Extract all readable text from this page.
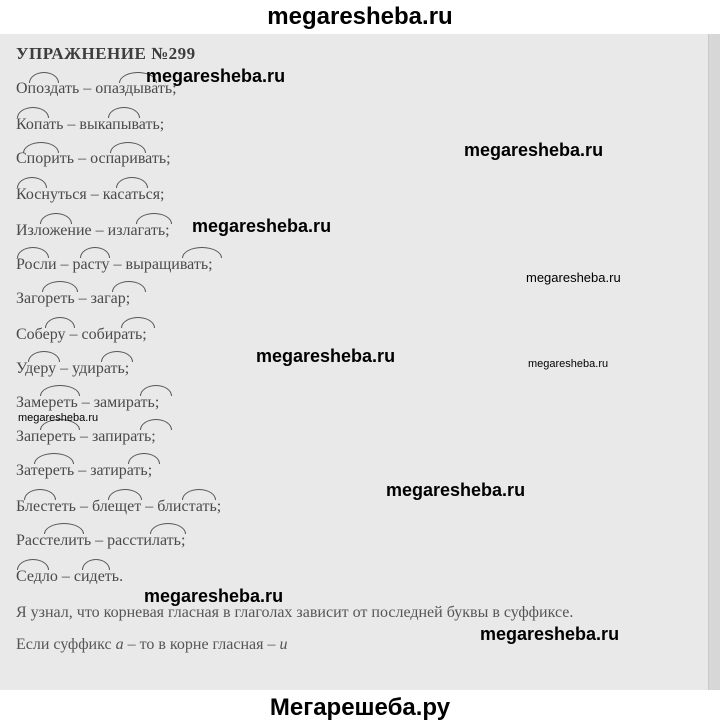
megaresheba.ru
УПРАЖНЕНИЕ №299
Опоздать – опаздывать;
Копать – выкапывать;
Спорить – оспаривать;
Коснуться – касаться;
Изложение – излагать;
Росли – расту – выращивать;
Загореть – загар;
Соберу – собирать;
Удеру – удирать;
Замереть – замирать;
Запереть – запирать;
Затереть – затирать;
Блестеть – блещет – блистать;
Расстелить – расстилать;
Седло – сидеть.
Я узнал, что корневая гласная в глаголах зависит от последней буквы в суффиксе.
Если суффикс а – то в корне гласная – и
megaresheba.ru
megaresheba.ru
megaresheba.ru
megaresheba.ru
megaresheba.ru	megaresheba.ru
megaresheba.ru
megaresheba.ru
megaresheba.ru
megaresheba.ru
Мегарешеба.ру
